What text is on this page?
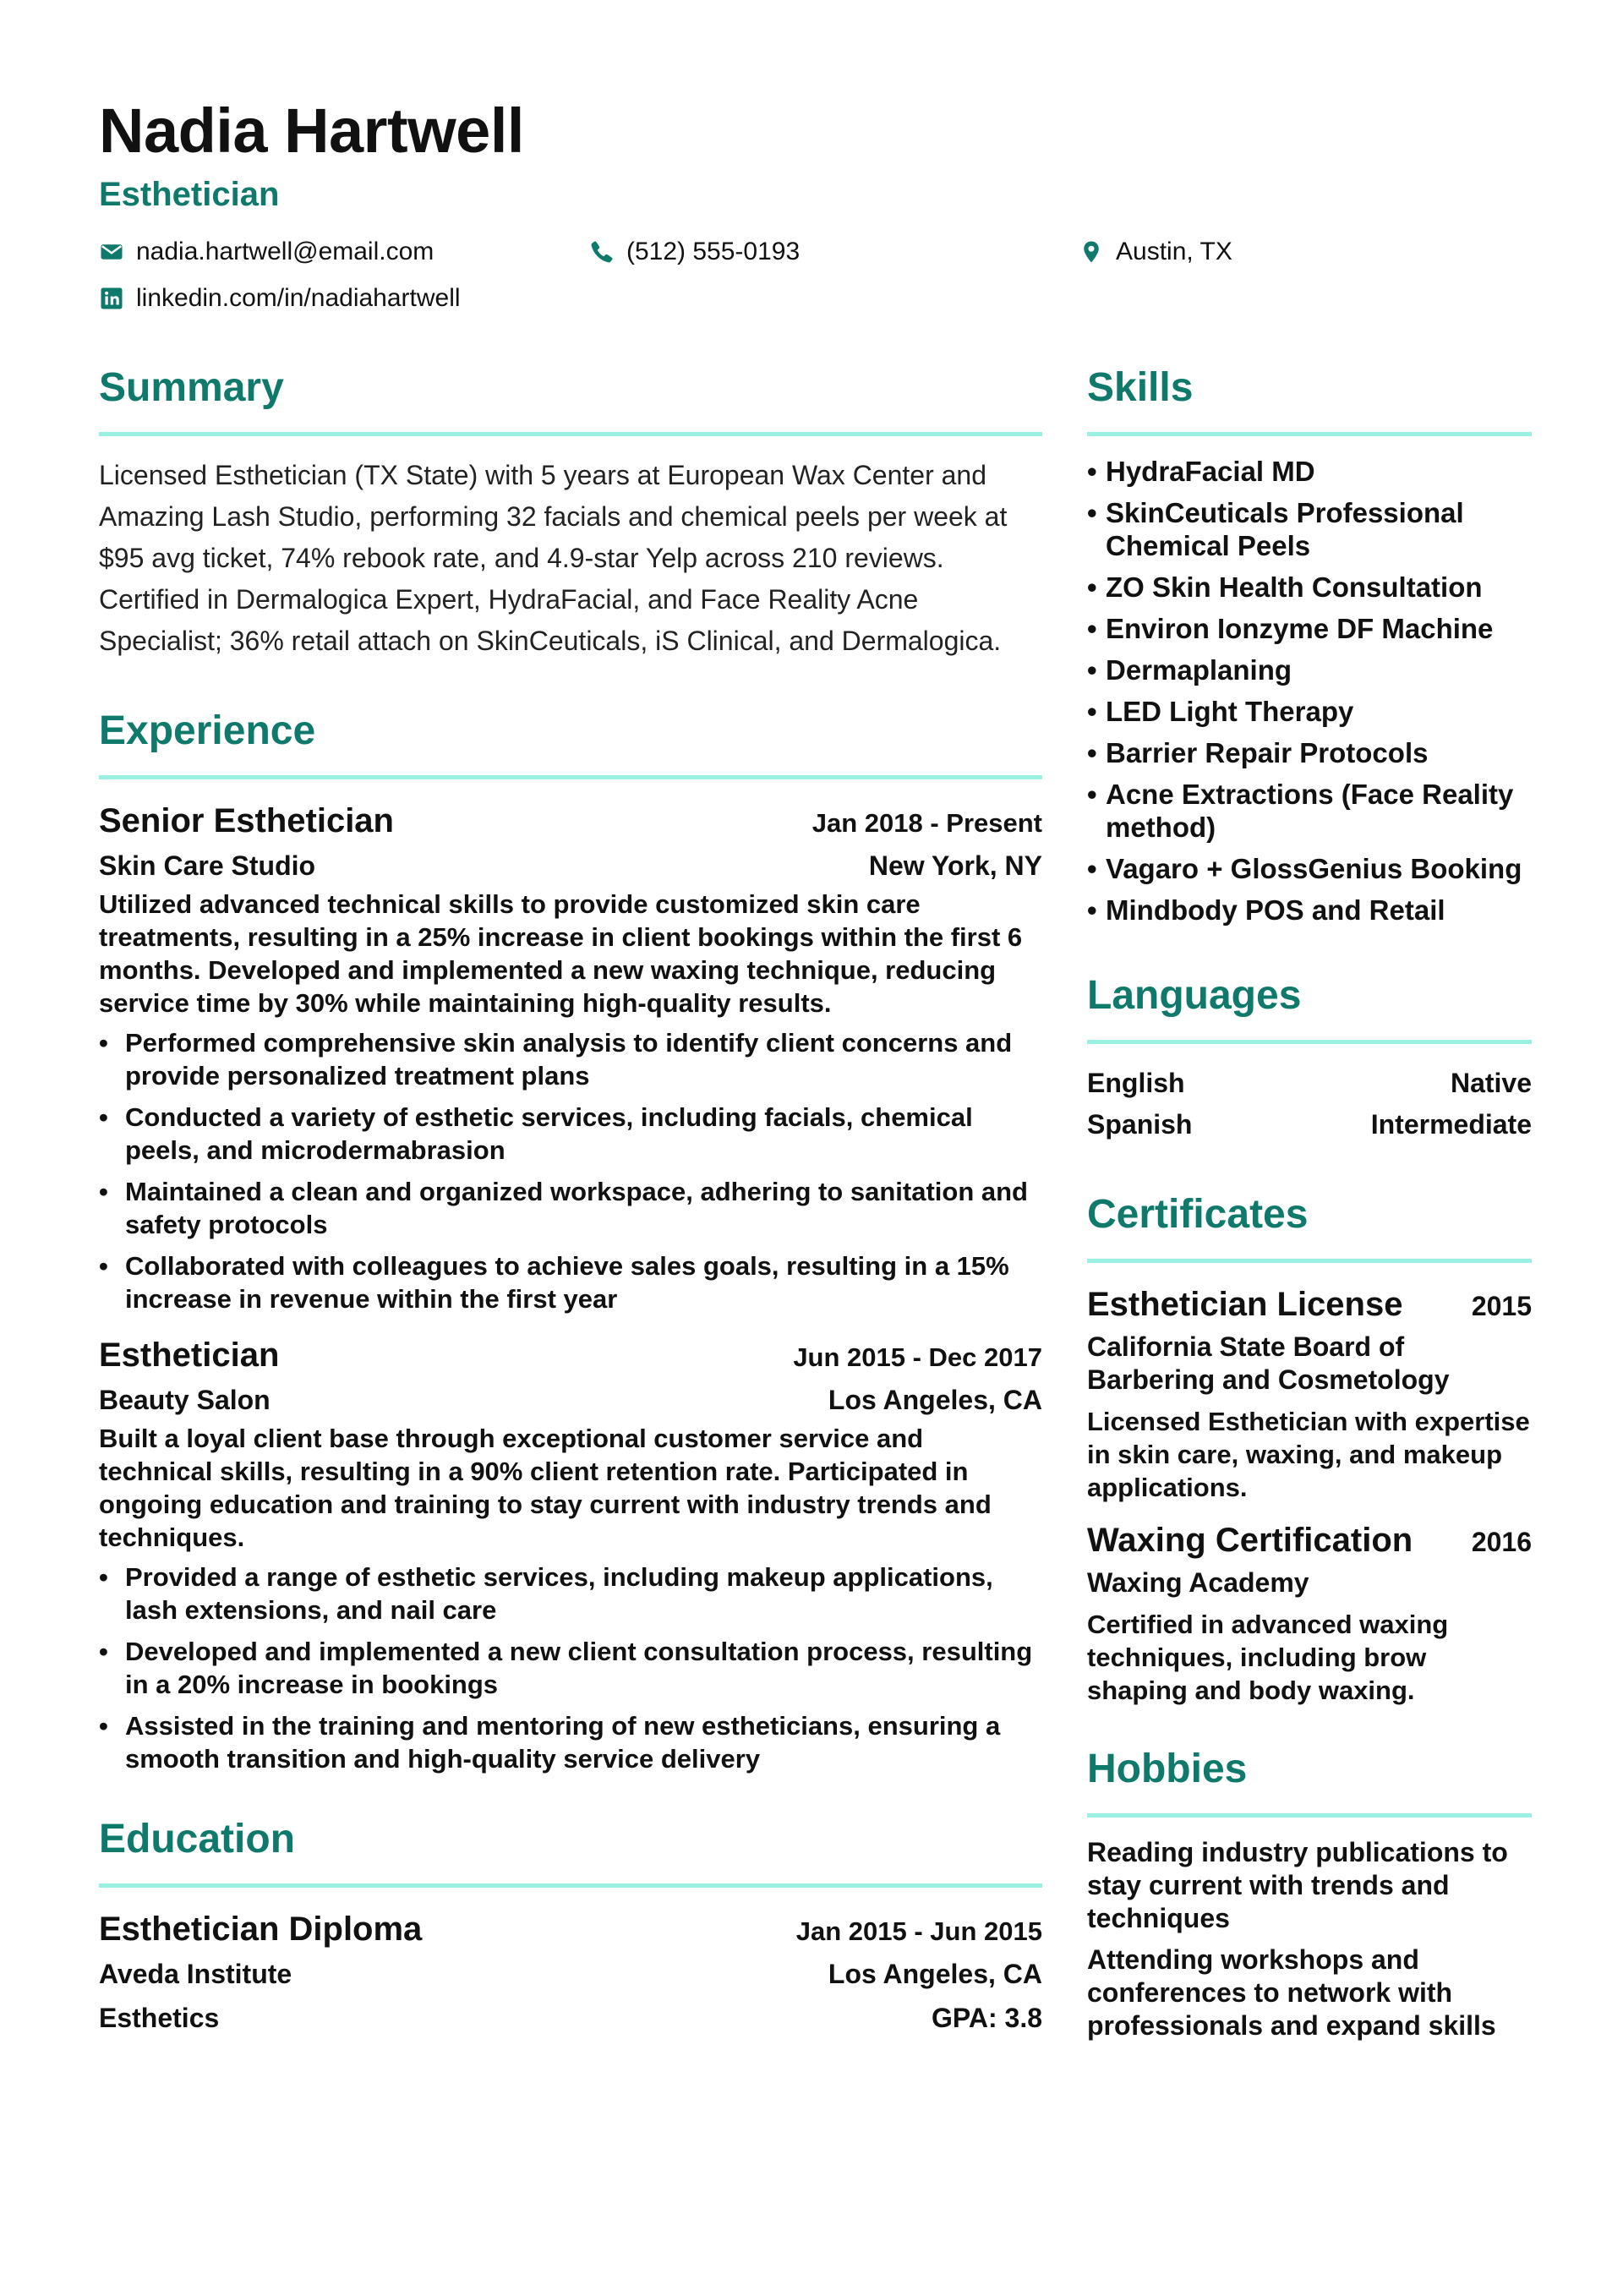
Nadia Hartwell
Esthetician
nadia.hartwell@email.com	(512) 555-0193	Austin, TX
linkedin.com/in/nadiahartwell
Summary
Licensed Esthetician (TX State) with 5 years at European Wax Center and Amazing Lash Studio, performing 32 facials and chemical peels per week at $95 avg ticket, 74% rebook rate, and 4.9-star Yelp across 210 reviews. Certified in Dermalogica Expert, HydraFacial, and Face Reality Acne Specialist; 36% retail attach on SkinCeuticals, iS Clinical, and Dermalogica.
Experience
Senior Esthetician	Jan 2018 - Present
Skin Care Studio	New York, NY
Utilized advanced technical skills to provide customized skin care treatments, resulting in a 25% increase in client bookings within the first 6 months. Developed and implemented a new waxing technique, reducing service time by 30% while maintaining high-quality results.
• Performed comprehensive skin analysis to identify client concerns and provide personalized treatment plans
• Conducted a variety of esthetic services, including facials, chemical peels, and microdermabrasion
• Maintained a clean and organized workspace, adhering to sanitation and safety protocols
• Collaborated with colleagues to achieve sales goals, resulting in a 15% increase in revenue within the first year
Esthetician	Jun 2015 - Dec 2017
Beauty Salon	Los Angeles, CA
Built a loyal client base through exceptional customer service and technical skills, resulting in a 90% client retention rate. Participated in ongoing education and training to stay current with industry trends and techniques.
• Provided a range of esthetic services, including makeup applications, lash extensions, and nail care
• Developed and implemented a new client consultation process, resulting in a 20% increase in bookings
• Assisted in the training and mentoring of new estheticians, ensuring a smooth transition and high-quality service delivery
Education
Esthetician Diploma	Jan 2015 - Jun 2015
Aveda Institute	Los Angeles, CA
Esthetics	GPA: 3.8
Skills
• HydraFacial MD
• SkinCeuticals Professional Chemical Peels
• ZO Skin Health Consultation
• Environ Ionzyme DF Machine
• Dermaplaning
• LED Light Therapy
• Barrier Repair Protocols
• Acne Extractions (Face Reality method)
• Vagaro + GlossGenius Booking
• Mindbody POS and Retail
Languages
English	Native
Spanish	Intermediate
Certificates
Esthetician License	2015
California State Board of Barbering and Cosmetology
Licensed Esthetician with expertise in skin care, waxing, and makeup applications.
Waxing Certification 2016
Waxing Academy
Certified in advanced waxing techniques, including brow shaping and body waxing.
Hobbies
Reading industry publications to stay current with trends and techniques
Attending workshops and conferences to network with professionals and expand skills
